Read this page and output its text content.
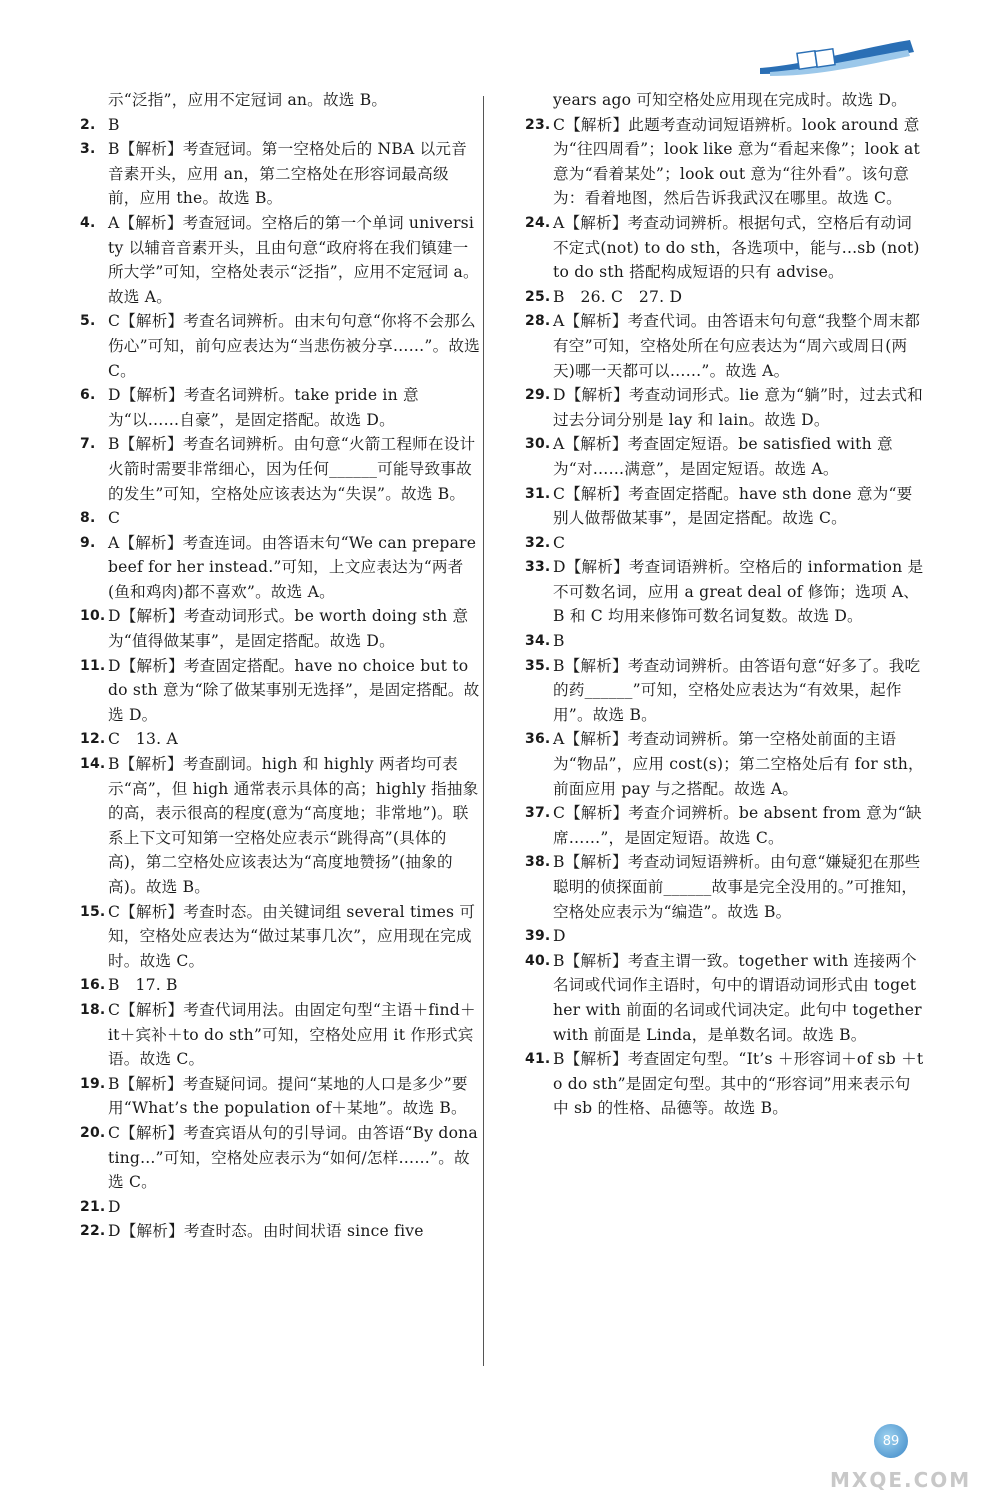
示“泛指”，应用不定冠词 an。故选 B。
2. B
3. B【解析】考查冠词。第一空格处后的 NBA 以元音音素开头，应用 an，第二空格处在形容词最高级前，应用 the。故选 B。
4. A【解析】考查冠词。空格后的第一个单词 university 以辅音音素开头，且由句意“政府将在我们镇建一所大学”可知，空格处表示“泛指”，应用不定冠词 a。故选 A。
5. C【解析】考查名词辨析。由末句句意“你将不会那么伤心”可知，前句应表达为“当悲伤被分享……”。故选 C。
6. D【解析】考查名词辨析。take pride in 意为“以……自豪”，是固定搭配。故选 D。
7. B【解析】考查名词辨析。由句意“火箭工程师在设计火箭时需要非常细心，因为任何______可能导致事故的发生”可知，空格处应该表达为“失误”。故选 B。
8. C
9. A【解析】考查连词。由答语末句“We can prepare beef for her instead.”可知，上文应表达为“两者(鱼和鸡肉)都不喜欢”。故选 A。
10. D【解析】考查动词形式。be worth doing sth 意为“值得做某事”，是固定搭配。故选 D。
11. D【解析】考查固定搭配。have no choice but to do sth 意为“除了做某事别无选择”，是固定搭配。故选 D。
12. C　13. A
14. B【解析】考查副词。high 和 highly 两者均可表示“高”，但 high 通常表示具体的高；highly 指抽象的高，表示很高的程度(意为“高度地；非常地”)。联系上下文可知第一空格处应表示“跳得高”(具体的高)，第二空格处应该表达为“高度地赞扬”(抽象的高)。故选 B。
15. C【解析】考查时态。由关键词组 several times 可知，空格处应表达为“做过某事几次”，应用现在完成时。故选 C。
16. B　17. B
18. C【解析】考查代词用法。由固定句型“主语＋find＋it＋宾补＋to do sth”可知，空格处应用 it 作形式宾语。故选 C。
19. B【解析】考查疑问词。提问“某地的人口是多少”要用“What’s the population of＋某地”。故选 B。
20. C【解析】考查宾语从句的引导词。由答语“By donating...”可知，空格处应表示为“如何/怎样……”。故选 C。
21. D
22. D【解析】考查时态。由时间状语 since five
years ago 可知空格处应用现在完成时。故选 D。
23. C【解析】此题考查动词短语辨析。look around 意为“往四周看”；look like 意为“看起来像”；look at 意为“看着某处”；look out 意为“往外看”。该句意为：看着地图，然后告诉我武汉在哪里。故选 C。
24. A【解析】考查动词辨析。根据句式，空格后有动词不定式(not) to do sth，各选项中，能与...sb (not) to do sth 搭配构成短语的只有 advise。
25. B　26. C　27. D
28. A【解析】考查代词。由答语末句句意“我整个周末都有空”可知，空格处所在句应表达为“周六或周日(两天)哪一天都可以……”。故选 A。
29. D【解析】考查动词形式。lie 意为“躺”时，过去式和过去分词分别是 lay 和 lain。故选 D。
30. A【解析】考查固定短语。be satisfied with 意为“对……满意”，是固定短语。故选 A。
31. C【解析】考查固定搭配。have sth done 意为“要别人做帮做某事”，是固定搭配。故选 C。
32. C
33. D【解析】考查词语辨析。空格后的 information 是不可数名词，应用 a great deal of 修饰；选项 A、B 和 C 均用来修饰可数名词复数。故选 D。
34. B
35. B【解析】考查动词辨析。由答语句意“好多了。我吃的药______”可知，空格处应表达为“有效果，起作用”。故选 B。
36. A【解析】考查动词辨析。第一空格处前面的主语为“物品”，应用 cost(s)；第二空格处后有 for sth，前面应用 pay 与之搭配。故选 A。
37. C【解析】考查介词辨析。be absent from 意为“缺席……”，是固定短语。故选 C。
38. B【解析】考查动词短语辨析。由句意“嫌疑犯在那些聪明的侦探面前______故事是完全没用的。”可推知，空格处应表示为“编造”。故选 B。
39. D
40. B【解析】考查主谓一致。together with 连接两个名词或代词作主语时，句中的谓语动词形式由 together with 前面的名词或代词决定。此句中 together with 前面是 Linda，是单数名词。故选 B。
41. B【解析】考查固定句型。“It’s ＋形容词＋of sb ＋to do sth”是固定句型。其中的“形容词”用来表示句中 sb 的性格、品德等。故选 B。
89
MXQE.COM
